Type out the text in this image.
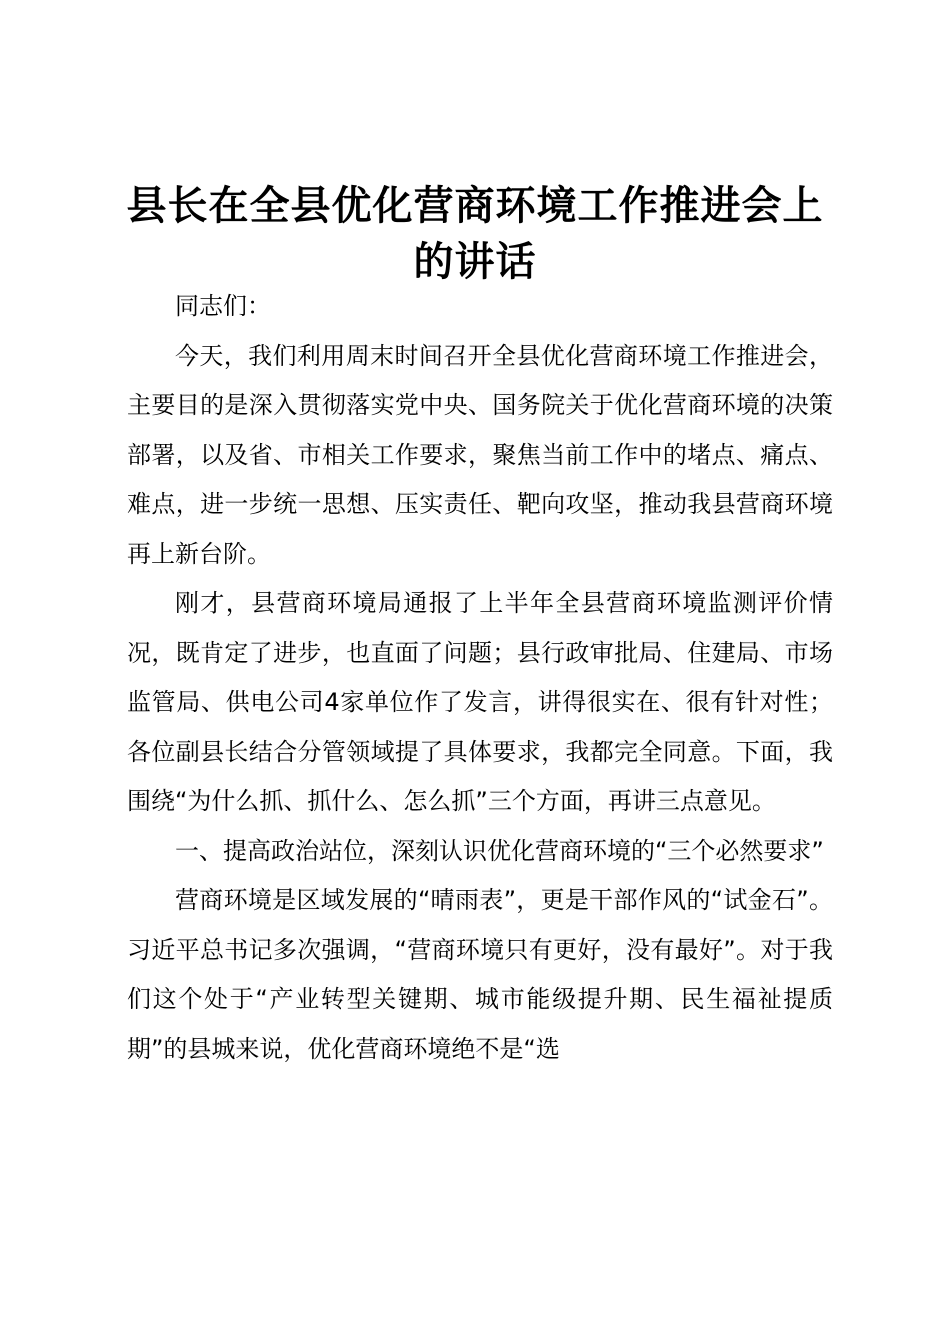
县长在全县优化营商环境工作推进会上
的讲话

同志们：

今天，我们利用周末时间召开全县优化营商环境工作推进会，主要目的是深入贯彻落实党中央、国务院关于优化营商环境的决策部署，以及省、市相关工作要求，聚焦当前工作中的堵点、痛点、难点，进一步统一思想、压实责任、靶向攻坚，推动我县营商环境再上新台阶。

刚才，县营商环境局通报了上半年全县营商环境监测评价情况，既肯定了进步，也直面了问题；县行政审批局、住建局、市场监管局、供电公司4家单位作了发言，讲得很实在、很有针对性；各位副县长结合分管领域提了具体要求，我都完全同意。下面，我围绕“为什么抓、抓什么、怎么抓”三个方面，再讲三点意见。

一、提高政治站位，深刻认识优化营商环境的“三个必然要求”

营商环境是区域发展的“晴雨表”，更是干部作风的“试金石”。习近平总书记多次强调，“营商环境只有更好，没有最好”。对于我们这个处于“产业转型关键期、城市能级提升期、民生福祉提质期”的县城来说，优化营商环境绝不是“选
